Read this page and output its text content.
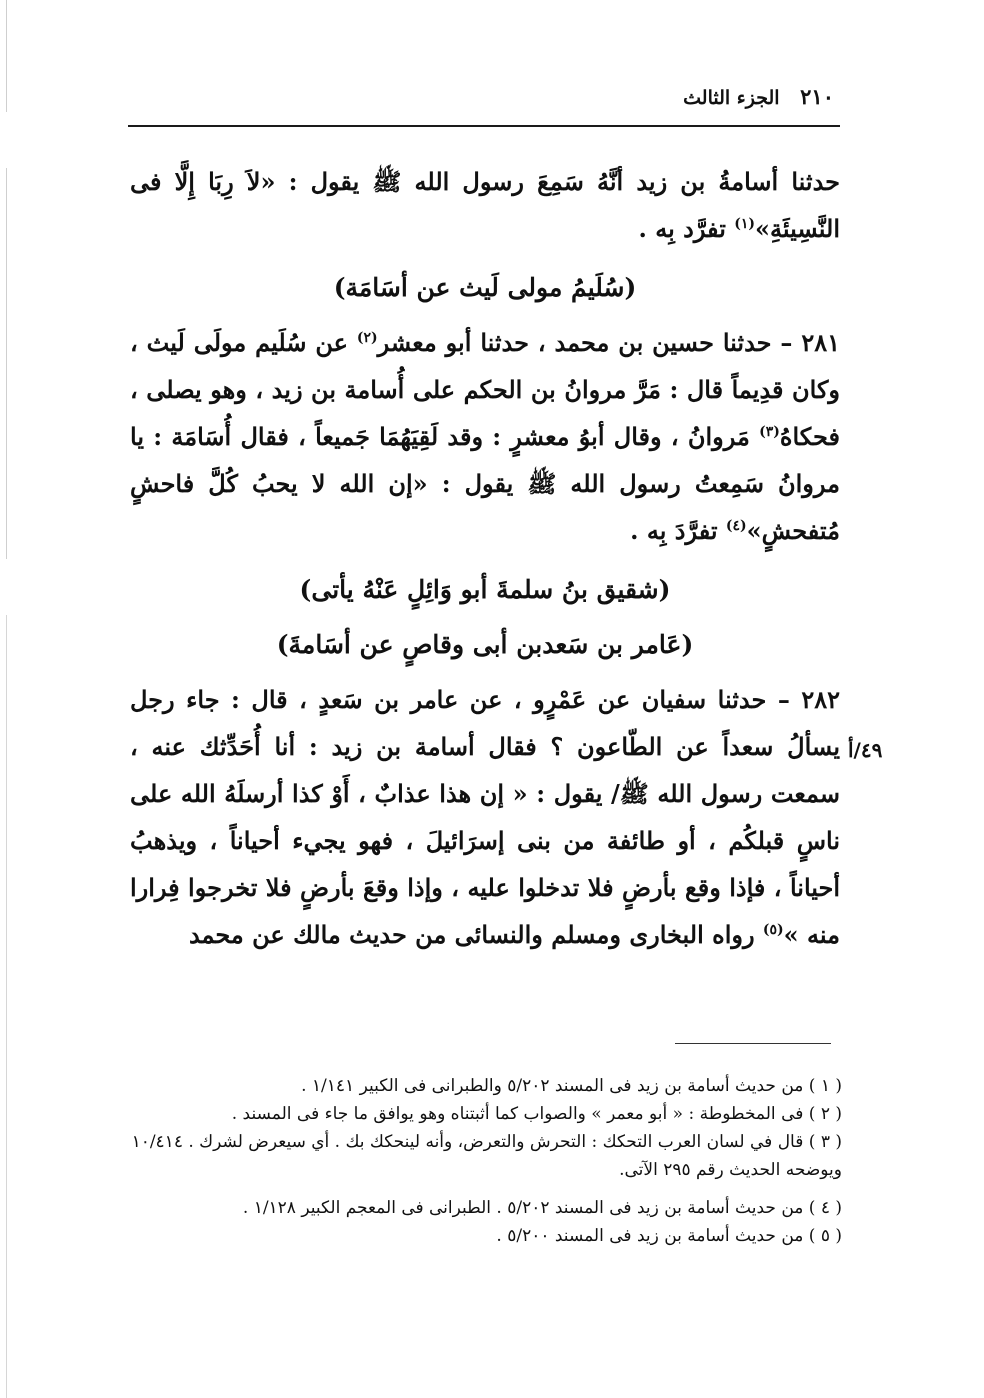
٢١٠ الجزء الثالث

حدثنا أسامةُ بن زيد أنَّهُ سَمِعَ رسول الله ﷺ يقول : «لاَ رِبَا إِلَّا فى النَّسِيئَةِ»$^{(١)}$ تفرَّد بِه .

(سُلَيمُ مولى لَيث عن أسَامَة)

٢٨١ – حدثنا حسين بن محمد ، حدثنا أبو معشر$^{(٢)}$ عن سُلَيم مولَى لَيث ، وكان قدِيماً قال : مَرَّ مروانُ بن الحكم على أُسامة بن زيد ، وهو يصلى ، فحكاهُ$^{(٣)}$ مَروانُ ، وقال أبوُ معشرٍ : وقد لَقِيَهُمَا جَميعاً ، فقال أُسَامَة : يا مروانُ سَمِعتُ رسول الله ﷺ يقول : «إن الله لا يحبُ كُلَّ فاحشٍ مُتفحشٍ»$^{(٤)}$ تفرَّدَ بِه .

(شقيق بنُ سلمةَ أبو وَائِلٍ عَنْهُ يأتى)

(عَامر بن سَعدبن أبى وقاصٍ عن أسَامةَ)

٢٨٢ – حدثنا سفيان عن عَمْرٍو ، عن عامر بن سَعدٍ ، قال : جاء رجل يسألُ سعداً عن الطّاعون ؟ فقال أسامة بن زيد : أنا أُحَدِّثك عنه ، سمعت رسول الله ﷺ/ يقول : « إن هذا عذابٌ ، أَوْ كذا أرسلَهُ الله على ناسٍ قبلكُم ، أو طائفة من بنى إسرَائيلَ ، فهو يجيء أحياناً ، ويذهبُ أحياناً ، فإذا وقع بأرضٍ فلا تدخلوا عليه ، وإذا وقعَ بأرضٍ فلا تخرجوا فِرارا منه »$^{(٥)}$ رواه البخارى ومسلم والنسائى من حديث مالك عن محمد

٤٩/أ

( ١ ) من حديث أسامة بن زيد فى المسند ٥/٢٠٢ والطبرانى فى الكبير ١/١٤١ .

( ٢ ) فى المخطوطة : « أبو معمر » والصواب كما أثبتناه وهو يوافق ما جاء فى المسند .

( ٣ ) قال في لسان العرب التحكك : التحرش والتعرض، وأنه لينحكك بك . أي سيعرض لشرك . ١٠/٤١٤ ويوضحه الحديث رقم ٢٩٥ الآتى.

( ٤ ) من حديث أسامة بن زيد فى المسند ٥/٢٠٢ . الطبرانى فى المعجم الكبير ١/١٢٨ .

( ٥ ) من حديث أسامة بن زيد فى المسند ٥/٢٠٠ .
